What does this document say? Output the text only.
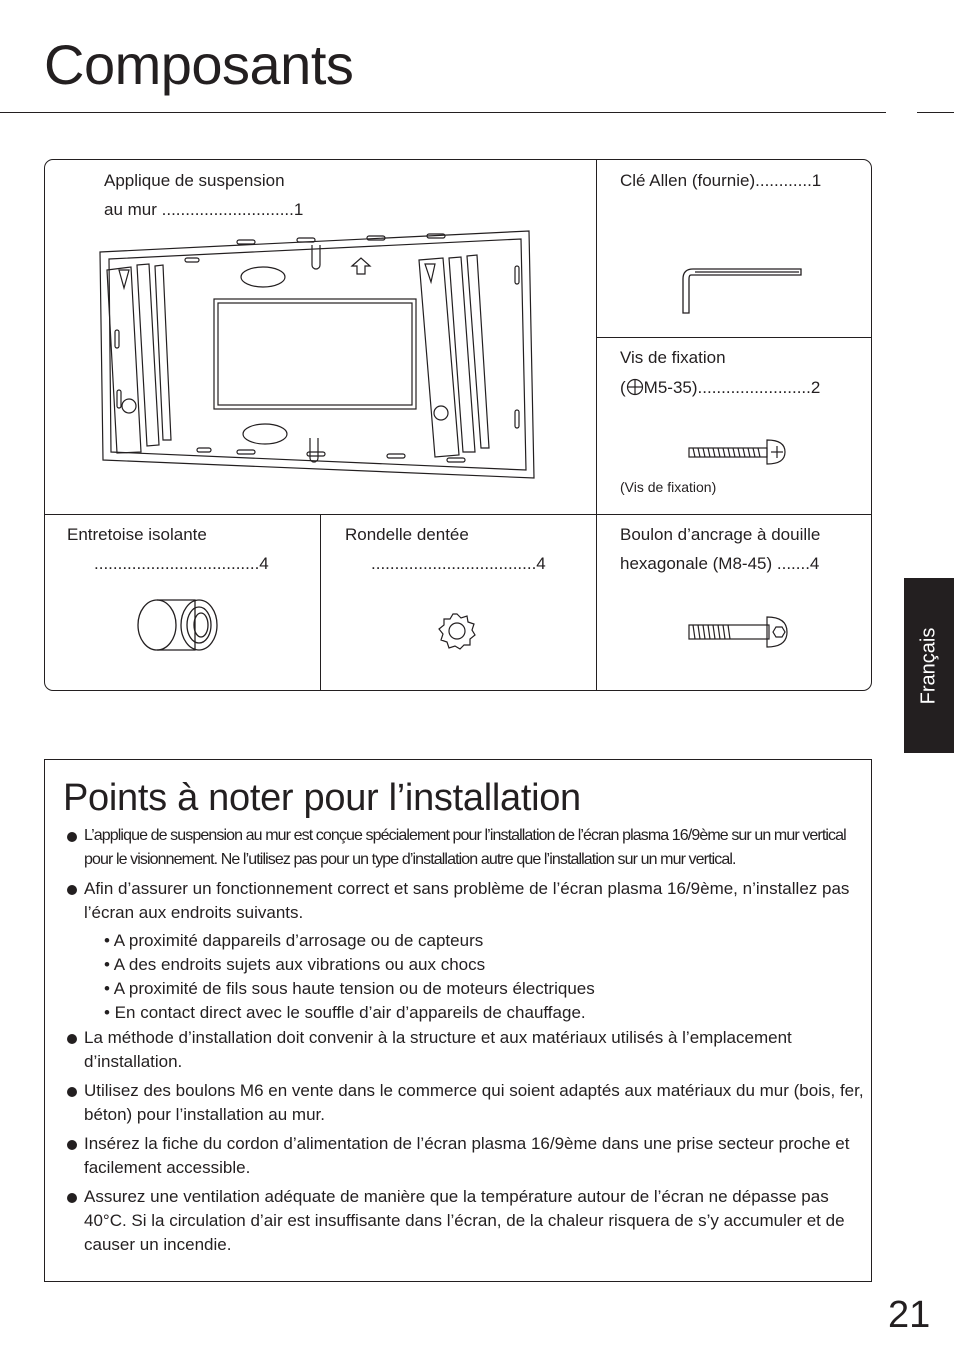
Composants
Applique de suspension
au mur ............................1
Clé Allen (fournie)............1
Vis de fixation
( M5-35)........................2
(Vis de fixation)
Entretoise isolante
...................................4
Rondelle dentée
...................................4
Boulon d’ancrage à douille
hexagonale (M8-45) .......4
Français
Points à noter pour l’installation
L’applique de suspension au mur est conçue spécialement pour l’installation de l’écran plasma 16/9ème sur un mur vertical pour le visionnement. Ne l’utilisez pas pour un type d’installation autre que l’installation sur un mur vertical.
Afin d’assurer un fonctionnement correct et sans problème de l’écran plasma 16/9ème, n’installez pas l’écran aux endroits suivants.
• A proximité dappareils d’arrosage ou de capteurs
• A des endroits sujets aux vibrations ou aux chocs
• A proximité de fils sous haute tension ou de moteurs électriques
• En contact direct avec le souffle d’air d’appareils de chauffage.
La méthode d’installation doit convenir à la structure et aux matériaux utilisés à l’emplacement d’installation.
Utilisez des boulons M6 en vente dans le commerce qui soient adaptés aux matériaux du mur (bois, fer, béton) pour l’installation au mur.
Insérez la fiche du cordon d’alimentation de l’écran plasma 16/9ème dans une prise secteur proche et facilement accessible.
Assurez une ventilation adéquate de manière que la température autour de l’écran ne dépasse pas 40°C. Si la circulation d’air est insuffisante dans l’écran, de la chaleur risquera de s’y accumuler et de causer un incendie.
21
